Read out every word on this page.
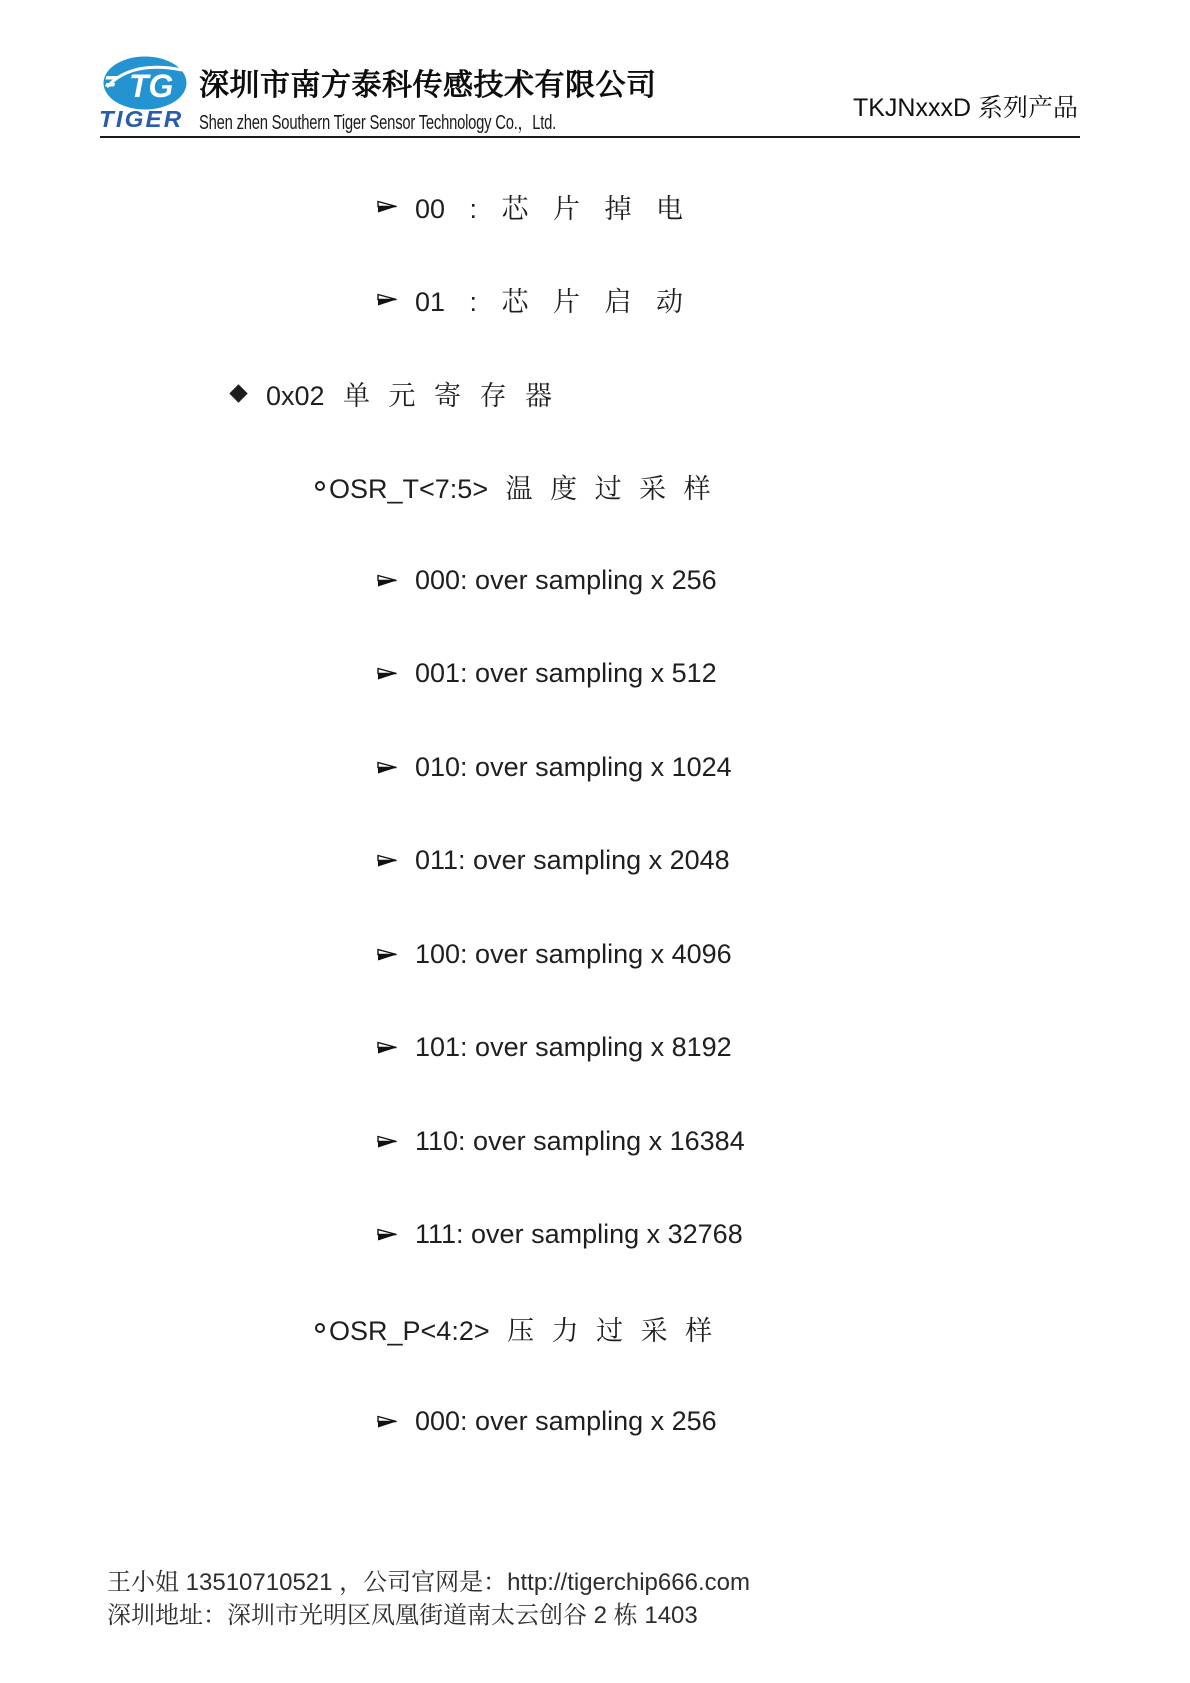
TG
TIGER
深圳市南方泰科传感技术有限公司
Shen zhen Southern Tiger Sensor Technology Co.，Ltd.
TKJNxxxD 系列产品
00 : 芯 片 掉 电
01 : 芯 片 启 动
0x02 单 元 寄 存 器
OSR_T<7:5> 温 度 过 采 样
000: over sampling x 256
001: over sampling x 512
010: over sampling x 1024
011: over sampling x 2048
100: over sampling x 4096
101: over sampling x 8192
110: over sampling x 16384
111: over sampling x 32768
OSR_P<4:2> 压 力 过 采 样
000: over sampling x 256
王小姐 13510710521 ，公司官网是：http://tigerchip666.com
深圳地址：深圳市光明区凤凰街道南太云创谷 2 栋 1403
